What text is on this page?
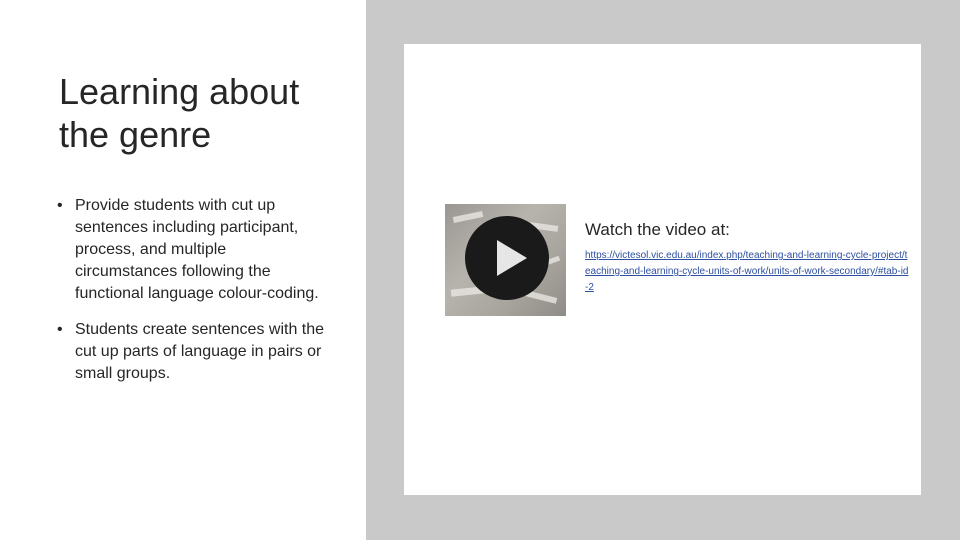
Learning about the genre
• Provide students with cut up sentences including participant, process, and multiple circumstances following the functional language colour-coding.
• Students create sentences with the cut up parts of language in pairs or small groups.

Watch the video at:

https://victesol.vic.edu.au/index.php/teaching-and-learning-cycle-project/teaching-and-learning-cycle-units-of-work/units-of-work-secondary/#tab-id-2
